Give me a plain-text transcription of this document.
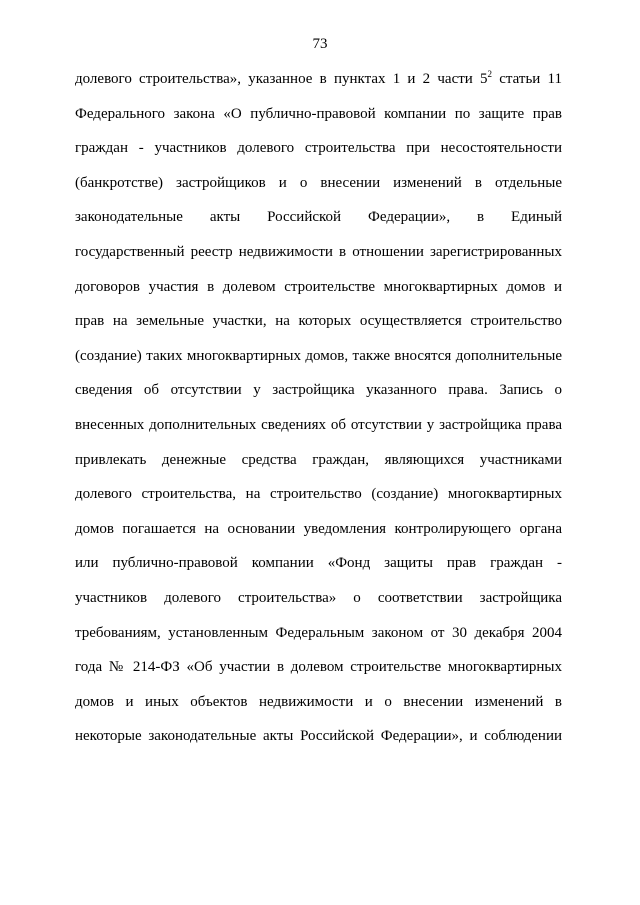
73
долевого строительства», указанное в пунктах 1 и 2 части $5^2$ статьи 11
Федерального закона «О публично-правовой компании по защите прав
граждан - участников долевого строительства при несостоятельности
(банкротстве) застройщиков и о внесении изменений в отдельные
законодательные акты Российской Федерации», в Единый
государственный реестр недвижимости в отношении зарегистрированных
договоров участия в долевом строительстве многоквартирных домов и
прав на земельные участки, на которых осуществляется строительство
(создание) таких многоквартирных домов, также вносятся дополнительные
сведения об отсутствии у застройщика указанного права. Запись о
внесенных дополнительных сведениях об отсутствии у застройщика права
привлекать денежные средства граждан, являющихся участниками
долевого строительства, на строительство (создание) многоквартирных
домов погашается на основании уведомления контролирующего органа
или публично-правовой компании «Фонд защиты прав граждан -
участников долевого строительства» о соответствии застройщика
требованиям, установленным Федеральным законом от 30 декабря 2004
года № 214-ФЗ «Об участии в долевом строительстве многоквартирных
домов и иных объектов недвижимости и о внесении изменений в
некоторые законодательные акты Российской Федерации», и соблюдении
